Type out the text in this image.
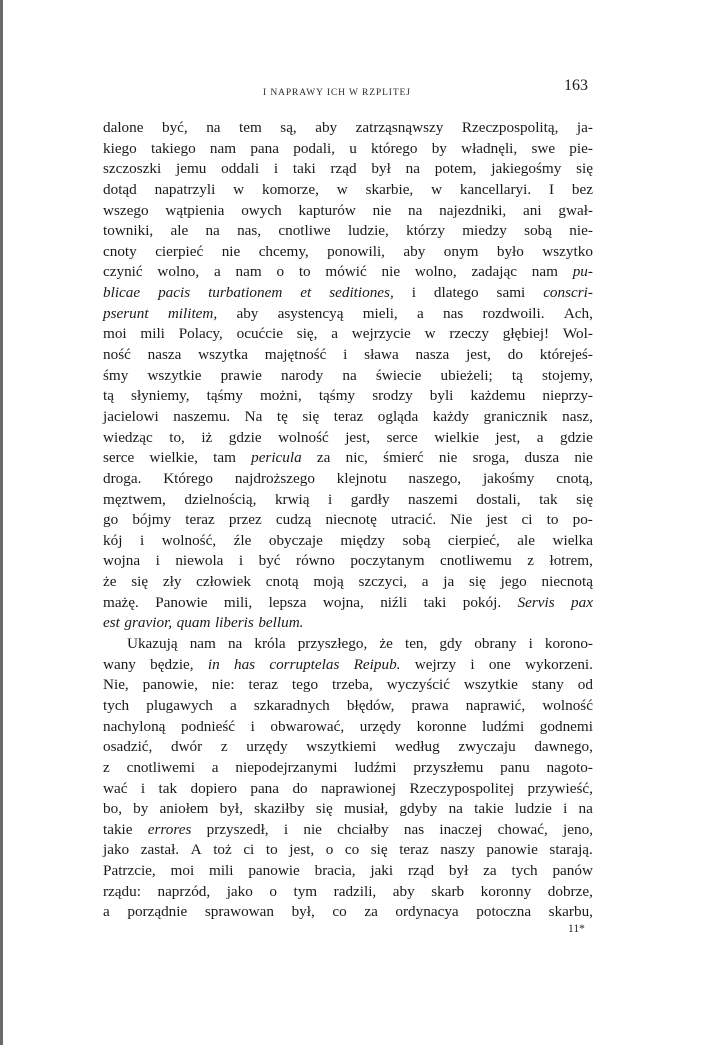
I NAPRAWY ICH W RZPLITEJ	163
dalone być, na tem są, aby zatrząsnąwszy Rzeczpospolitą, ja-
kiego takiego nam pana podali, u którego by władnęli, swe pie-
szczoszki jemu oddali i taki rząd był na potem, jakiegośmy się
dotąd napatrzyli w komorze, w skarbie, w kancellaryi. I bez
wszego wątpienia owych kapturów nie na najezdniki, ani gwał-
towniki, ale na nas, cnotliwe ludzie, którzy miedzy sobą nie-
cnoty cierpieć nie chcemy, ponowili, aby onym było wszytko
czynić wolno, a nam o to mówić nie wolno, zadając nam pu-
blicae pacis turbationem et seditiones, i dlatego sami conscri-
pserunt militem, aby asystencyą mieli, a nas rozdwoili. Ach,
moi mili Polacy, ocućcie się, a wejrzycie w rzeczy głębiej! Wol-
ność nasza wszytka majętność i sława nasza jest, do którejeś-
śmy wszytkie prawie narody na świecie ubieżeli; tą stojemy,
tą słyniemy, tąśmy możni, tąśmy srodzy byli każdemu nieprzy-
jacielowi naszemu. Na tę się teraz ogląda każdy granicznik nasz,
wiedząc to, iż gdzie wolność jest, serce wielkie jest, a gdzie
serce wielkie, tam pericula za nic, śmierć nie sroga, dusza nie
droga. Którego najdroższego klejnotu naszego, jakośmy cnotą,
męztwem, dzielnością, krwią i gardły naszemi dostali, tak się
go bójmy teraz przez cudzą niecnotę utracić. Nie jest ci to po-
kój i wolność, źle obyczaje między sobą cierpieć, ale wielka
wojna i niewola i być równo poczytanym cnotliwemu z łotrem,
że się zły człowiek cnotą moją szczyci, a ja się jego niecnotą
mażę. Panowie mili, lepsza wojna, niźli taki pokój. Servis pax
est gravior, quam liberis bellum.
Ukazują nam na króla przyszłego, że ten, gdy obrany i korono-
wany będzie, in has corruptelas Reipub. wejrzy i one wykorzeni.
Nie, panowie, nie: teraz tego trzeba, wyczyścić wszytkie stany od
tych plugawych a szkaradnych błędów, prawa naprawić, wolność
nachyloną podnieść i obwarować, urzędy koronne ludźmi godnemi
osadzić, dwór z urzędy wszytkiemi według zwyczaju dawnego,
z cnotliwemi a niepodejrzanymi ludźmi przyszłemu panu nagoto-
wać i tak dopiero pana do naprawionej Rzeczypospolitej przywieść,
bo, by aniołem był, skaziłby się musiał, gdyby na takie ludzie i na
takie errores przyszedł, i nie chciałby nas inaczej chować, jeno,
jako zastał. A toż ci to jest, o co się teraz naszy panowie starają.
Patrzcie, moi mili panowie bracia, jaki rząd był za tych panów
rządu: naprzód, jako o tym radzili, aby skarb koronny dobrze,
a porządnie sprawowan był, co za ordynacya potoczna skarbu,
11*
